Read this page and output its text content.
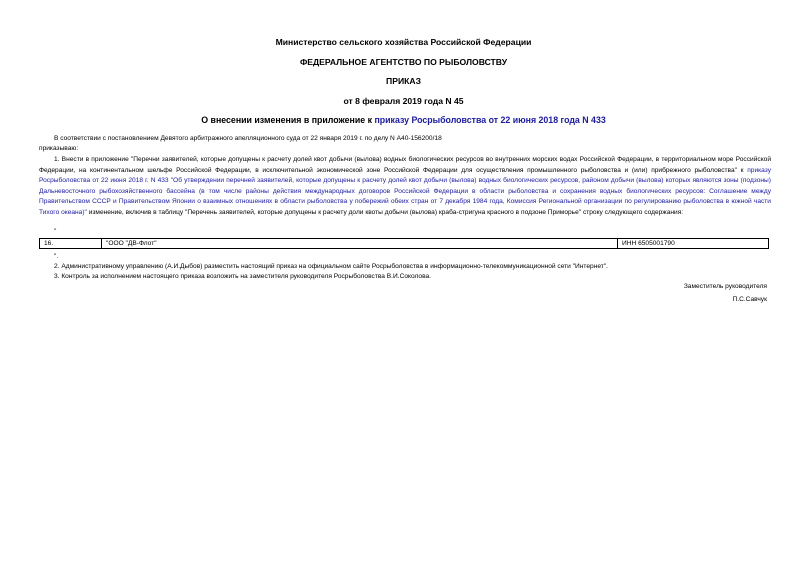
Министерство сельского хозяйства Российской Федерации
ФЕДЕРАЛЬНОЕ АГЕНТСТВО ПО РЫБОЛОВСТВУ
ПРИКАЗ
от 8 февраля 2019 года N 45
О внесении изменения в приложение к приказу Росрыболовства от 22 июня 2018 года N 433
В соответствии с постановлением Девятого арбитражного апелляционного суда от 22 января 2019 г. по делу N А40-156200/18
приказываю:
1. Внести в приложение "Перечни заявителей, которые допущены к расчету долей квот добычи (вылова) водных биологических ресурсов во внутренних морских водах Российской Федерации, в территориальном море Российской Федерации, на континентальном шельфе Российской Федерации, в исключительной экономической зоне Российской Федерации для осуществления промышленного рыболовства и (или) прибрежного рыболовства" к приказу Росрыболовства от 22 июня 2018 г. N 433 "Об утверждении перечней заявителей, которые допущены к расчету долей квот добычи (вылова) водных биологических ресурсов, районом добычи (вылова) которых являются зоны (подзоны) Дальневосточного рыбохозяйственного бассейна (в том числе районы действия международных договоров Российской Федерации в области рыболовства и сохранения водных биологических ресурсов: Соглашение между Правительством СССР и Правительством Японии о взаимных отношениях в области рыболовства у побережий обеих стран от 7 декабря 1984 года, Комиссия Региональной организации по регулированию рыболовства в южной части Тихого океана)" изменение, включив в таблицу "Перечень заявителей, которые допущены к расчету доли квоты добычи (вылова) краба-стригуна красного в подзоне Приморье" строку следующего содержания:
"
16.	"ООО "ДВ-Флот"	ИНН 6505001790
".
2. Административному управлению (А.И.Дыбов) разместить настоящий приказ на официальном сайте Росрыболовства в информационно-телекоммуникационной сети "Интернет".
3. Контроль за исполнением настоящего приказа возложить на заместителя руководителя Росрыболовства В.И.Соколова.
Заместитель руководителя
П.С.Савчук
